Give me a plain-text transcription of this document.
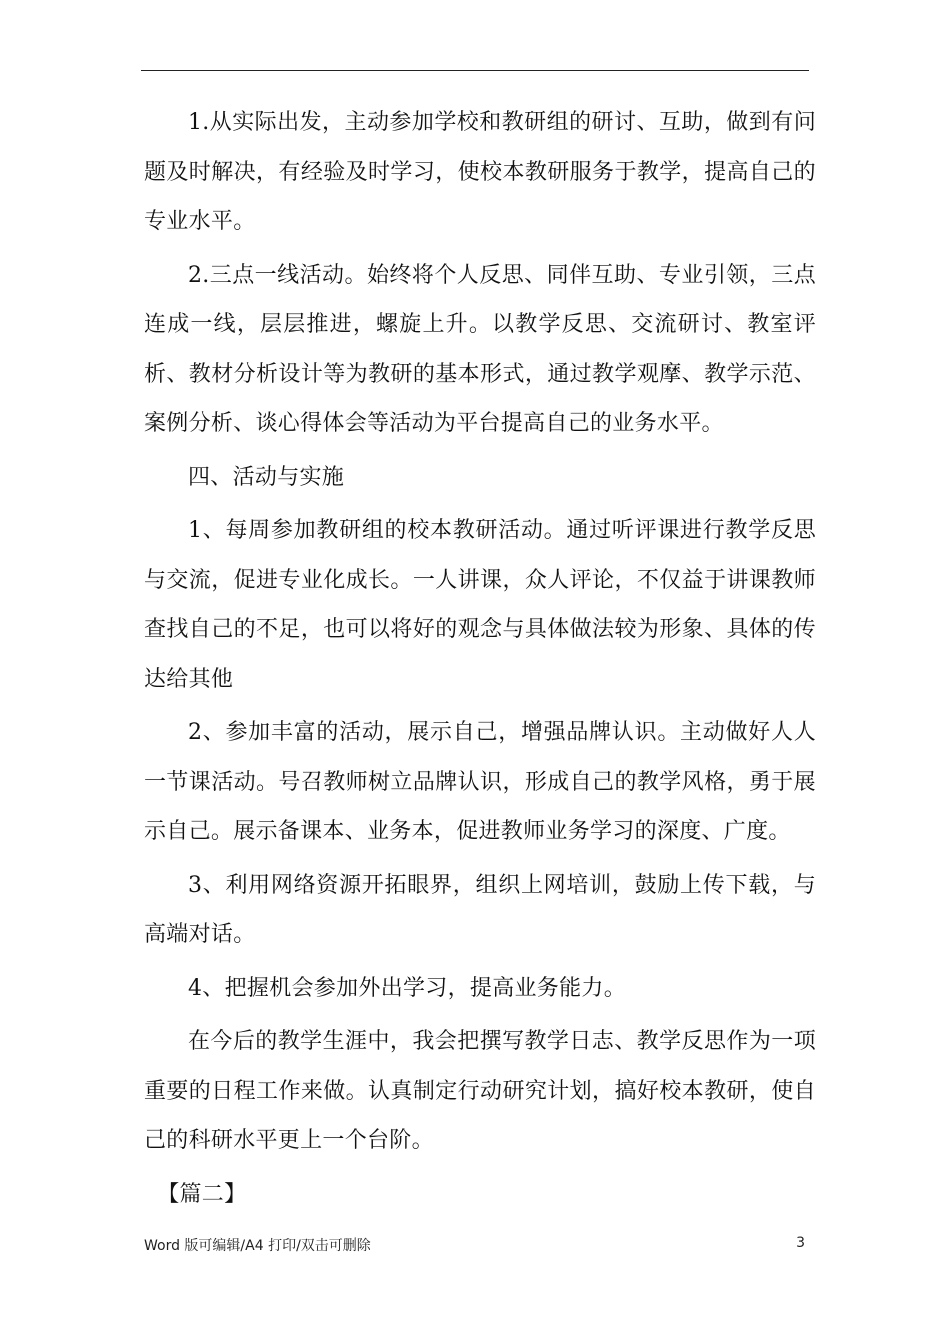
1.从实际出发，主动参加学校和教研组的研讨、互助，做到有问题及时解决，有经验及时学习，使校本教研服务于教学，提高自己的专业水平。

2.三点一线活动。始终将个人反思、同伴互助、专业引领，三点连成一线，层层推进，螺旋上升。以教学反思、交流研讨、教室评析、教材分析设计等为教研的基本形式，通过教学观摩、教学示范、案例分析、谈心得体会等活动为平台提高自己的业务水平。

四、活动与实施

1、每周参加教研组的校本教研活动。通过听评课进行教学反思与交流，促进专业化成长。一人讲课，众人评论，不仅益于讲课教师查找自己的不足，也可以将好的观念与具体做法较为形象、具体的传达给其他

2、参加丰富的活动，展示自己，增强品牌认识。主动做好人人一节课活动。号召教师树立品牌认识，形成自己的教学风格，勇于展示自己。展示备课本、业务本，促进教师业务学习的深度、广度。

3、利用网络资源开拓眼界，组织上网培训，鼓励上传下载，与高端对话。

4、把握机会参加外出学习，提高业务能力。

在今后的教学生涯中，我会把撰写教学日志、教学反思作为一项重要的日程工作来做。认真制定行动研究计划，搞好校本教研，使自己的科研水平更上一个台阶。

【篇二】

Word 版可编辑/A4 打印/双击可删除	3
